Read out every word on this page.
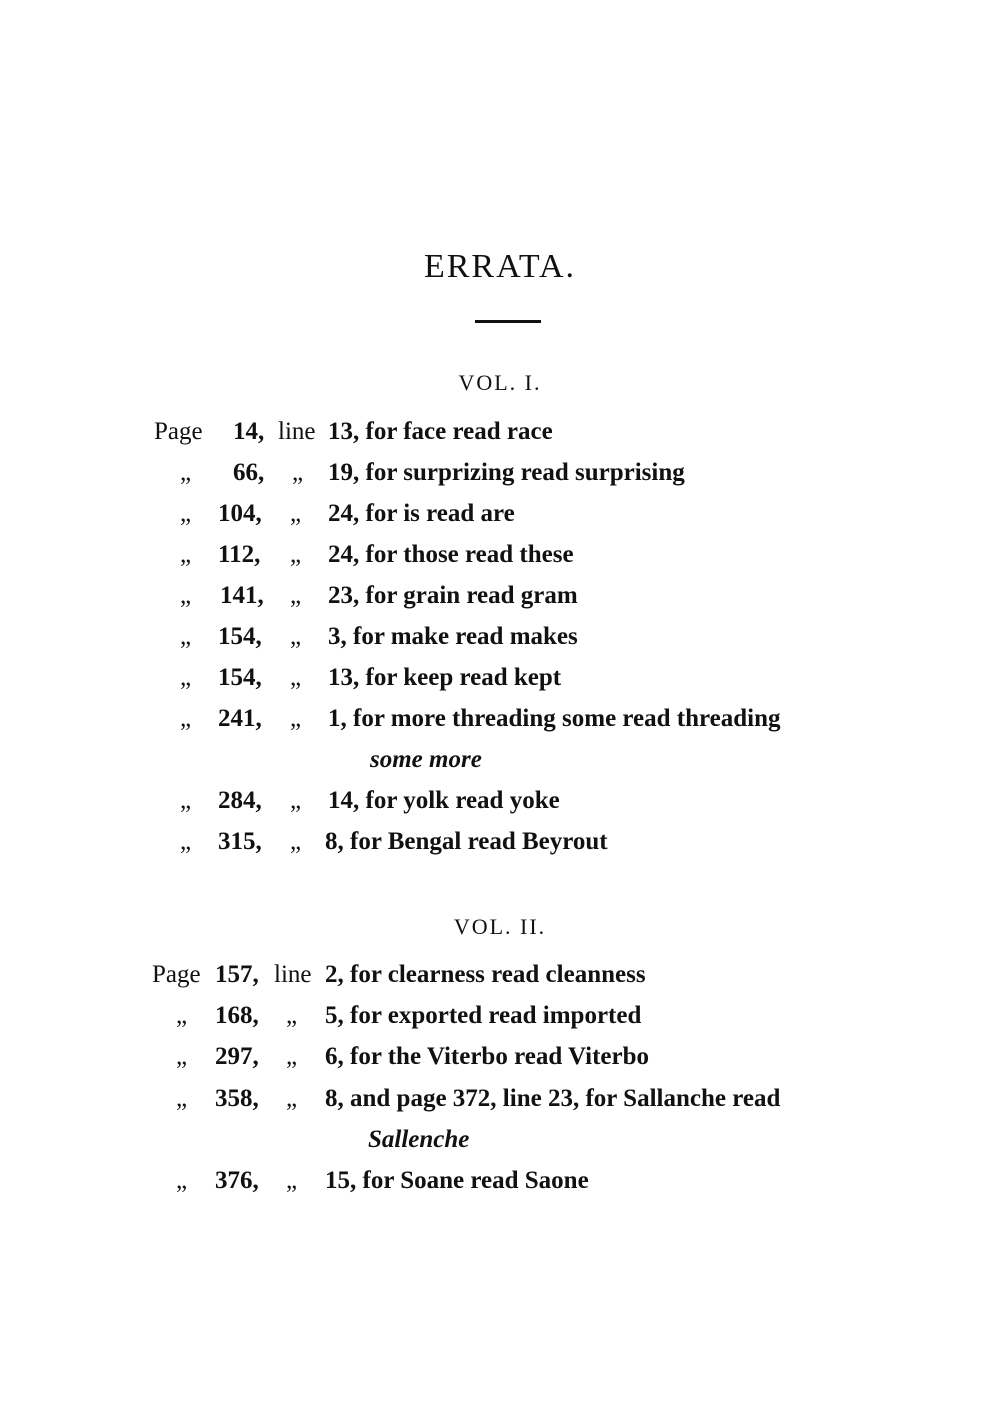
ERRATA.
VOL. I.
Page 14, line 13, for face read race
„ 66, „ 19, for surprizing read surprising
„ 104, „ 24, for is read are
„ 112, „ 24, for those read these
„ 141, „ 23, for grain read gram
„ 154, „ 3, for make read makes
„ 154, „ 13, for keep read kept
„ 241, „ 1, for more threading some read threading
some more
„ 284, „ 14, for yolk read yoke
„ 315, „ 8, for Bengal read Beyrout
VOL. II.
Page 157, line 2, for clearness read cleanness
„ 168, „ 5, for exported read imported
„ 297, „ 6, for the Viterbo read Viterbo
„ 358, „ 8, and page 372, line 23, for Sallanche read
Sallenche
„ 376, „ 15, for Soane read Saone
